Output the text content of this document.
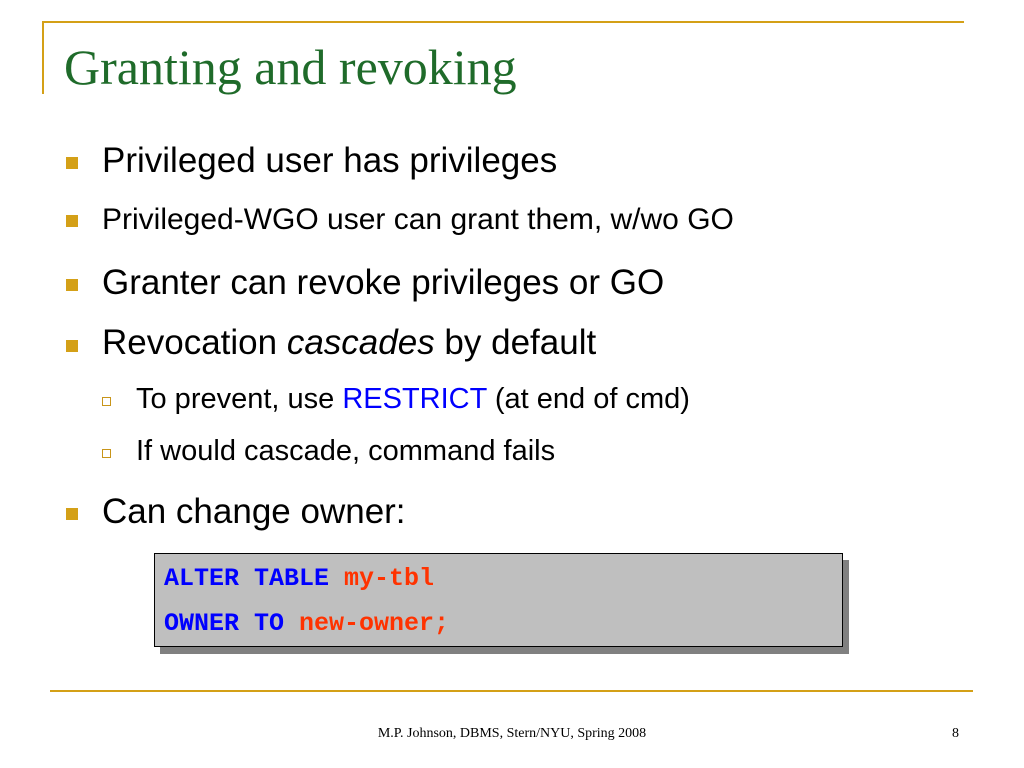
Granting and revoking
Privileged user has privileges
Privileged-WGO user can grant them, w/wo GO
Granter can revoke privileges or GO
Revocation cascades by default
To prevent, use RESTRICT (at end of cmd)
If would cascade, command fails
Can change owner:
ALTER TABLE my-tbl
OWNER TO new-owner;
M.P. Johnson, DBMS, Stern/NYU, Spring 2008	8
